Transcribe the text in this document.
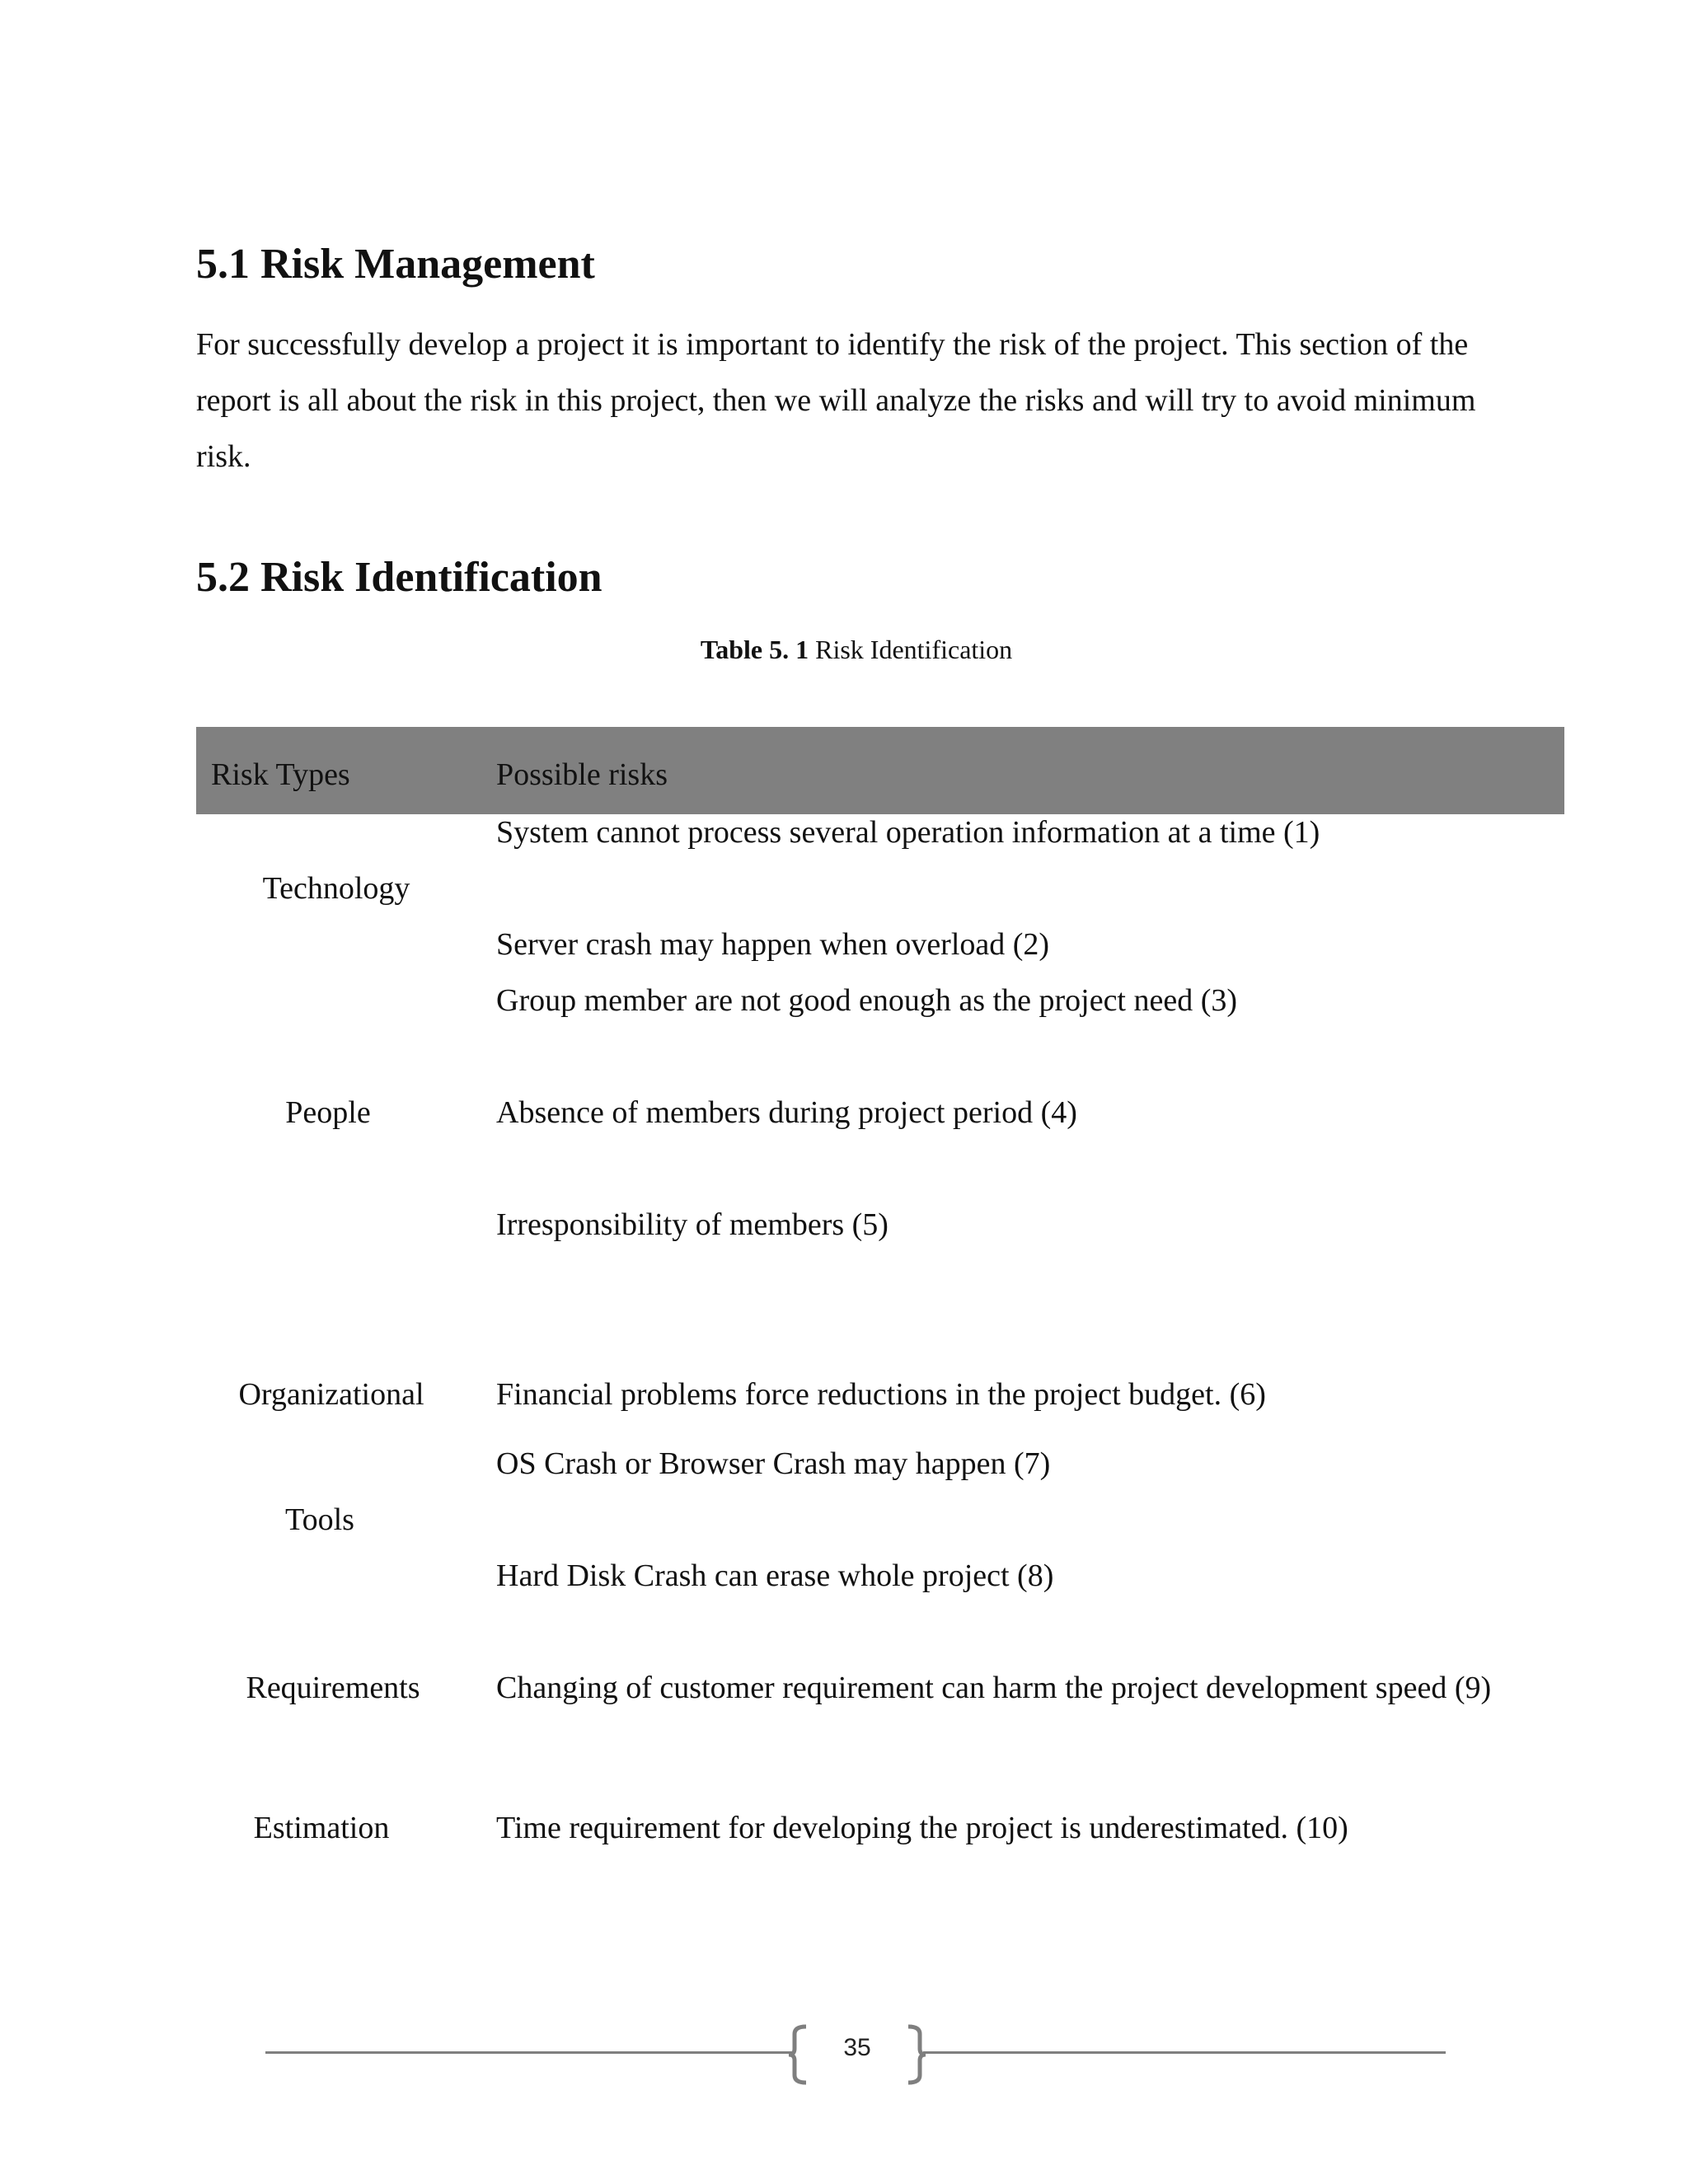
5.1 Risk Management

For successfully develop a project it is important to identify the risk of the project. This section of the report is all about the risk in this project, then we will analyze the risks and will try to avoid minimum risk.

5.2 Risk Identification
Table 5. 1 Risk Identification
Risk Types	Possible risks
Technology
People
Organizational
Tools
Requirements
Estimation
System cannot process several operation information at a time (1)
Server crash may happen when overload (2)
Group member are not good enough as the project need (3)
Absence of members during project period (4)
Irresponsibility of members (5)
Financial problems force reductions in the project budget. (6)
OS Crash or Browser Crash may happen (7)
Hard Disk Crash can erase whole project (8)
Changing of customer requirement can harm the project development speed (9)
Time requirement for developing the project is underestimated. (10)
35
